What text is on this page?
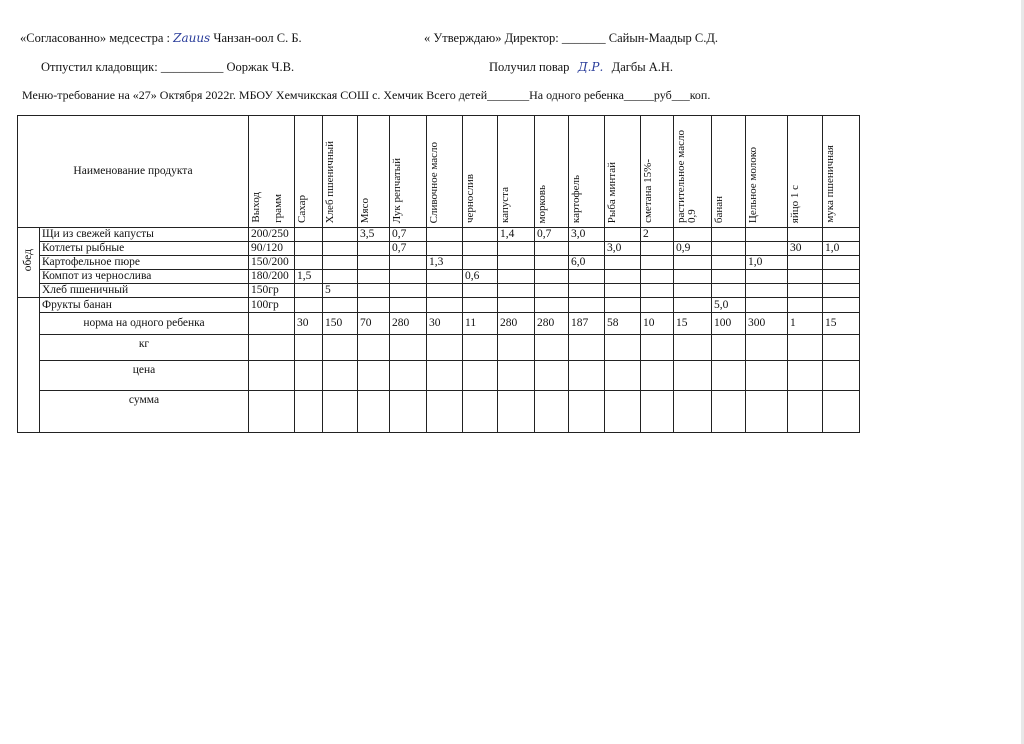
«Согласованно» медсестра : Zauus Чанзан-оол С. Б.	« Утверждаю» Директор: _______ Сайын-Маадыр С.Д.
Отпустил кладовщик: __________ Ооржак Ч.В.	Получил повар Д.Р. Дагбы А.Н.
Меню-требование на «27» Октября 2022г. МБОУ Хемчикская СОШ с. Хемчик Всего детей_______На одного ребенка_____руб___коп.
Наименование продукта		Выход грамм	Сахар	Хлеб пшеничный	Мясо	Лук репчатый	Сливочное масло	чернослив	капуста	морковь	картофель	Рыба минтай	сметана 15%-	растительное масло 0,9	банан	Цельное молоко	яйцо 1 с	мука пшеничная
обед	Щи из свежей капусты	200/250			3,5	0,7			1,4	0,7	3,0		2					
	Котлеты рыбные	90/120				0,7						3,0		0,9			30	1,0
	Картофельное пюре	150/200					1,3				6,0					1,0		
	Компот из чернослива	180/200	1,5					0,6										
	Хлеб пшеничный	150гр		5														
	Фрукты банан	100гр													5,0			
	норма на одного ребенка		30	150	70	280	30	11	280	280	187	58	10	15	100	300	1	15
	кг																	
	цена																	
	сумма																	
